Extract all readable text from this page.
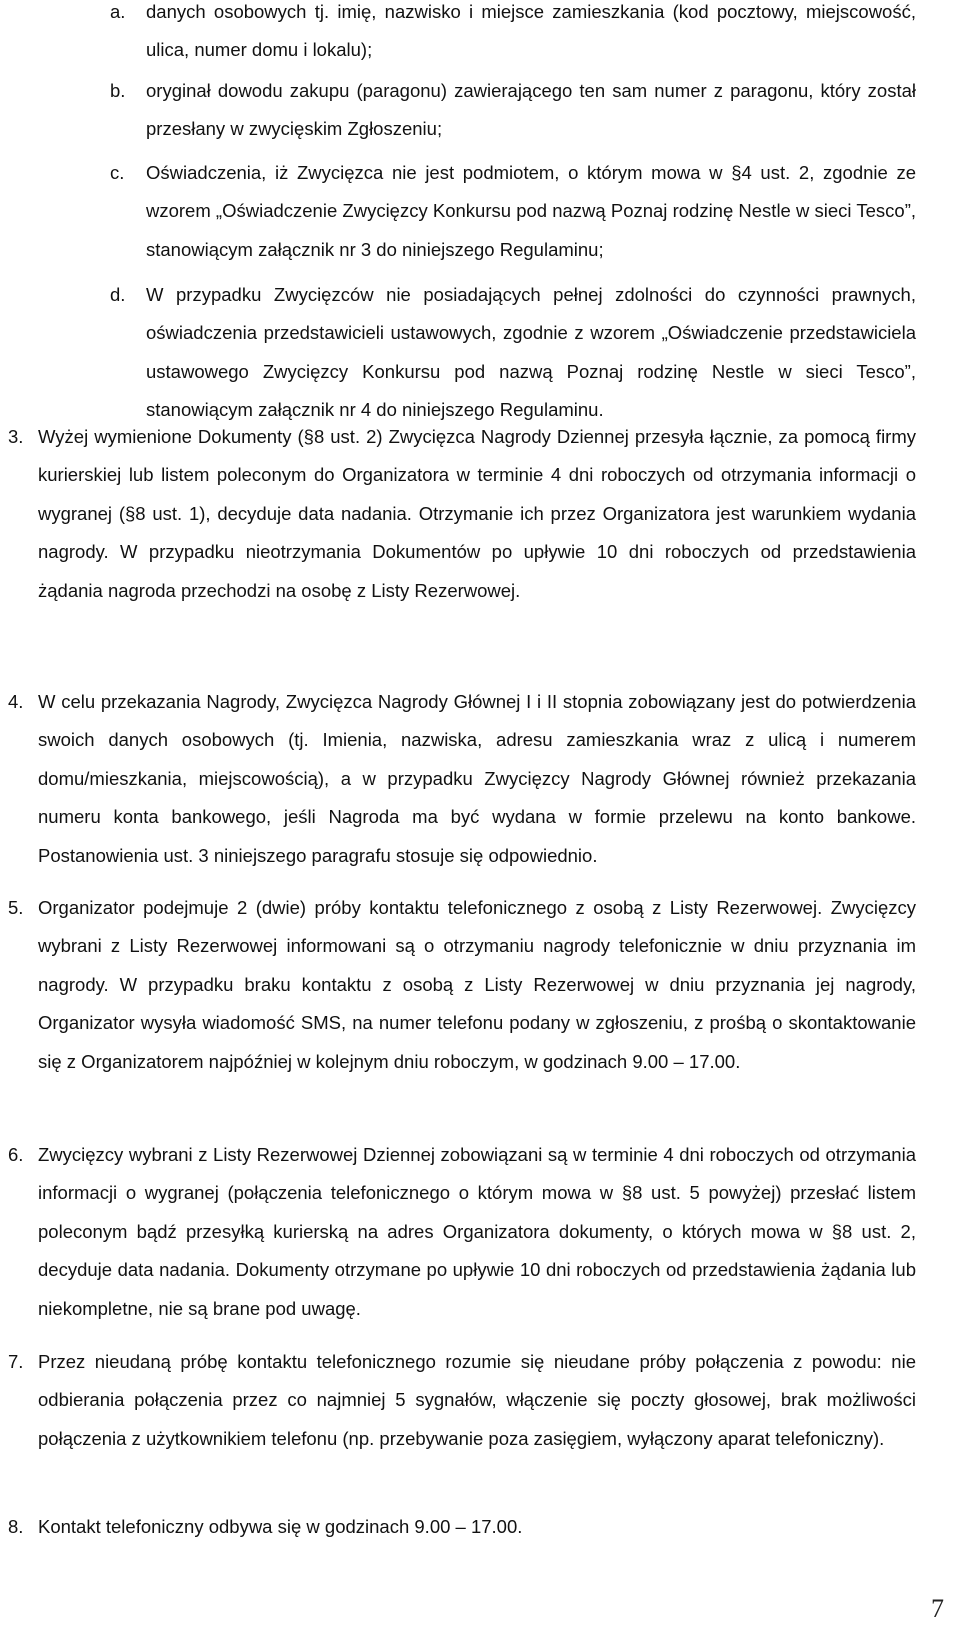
a. danych osobowych tj. imię, nazwisko i miejsce zamieszkania (kod pocztowy, miejscowość, ulica, numer domu i lokalu);
b. oryginał dowodu zakupu (paragonu) zawierającego ten sam numer z paragonu, który został przesłany w zwycięskim Zgłoszeniu;
c. Oświadczenia, iż Zwycięzca nie jest podmiotem, o którym mowa w §4 ust. 2, zgodnie ze wzorem „Oświadczenie Zwycięzcy Konkursu pod nazwą Poznaj rodzinę Nestle w sieci Tesco”, stanowiącym załącznik nr 3 do niniejszego Regulaminu;
d. W przypadku Zwycięzców nie posiadających pełnej zdolności do czynności prawnych, oświadczenia przedstawicieli ustawowych, zgodnie z wzorem „Oświadczenie przedstawiciela ustawowego Zwycięzcy Konkursu pod nazwą Poznaj rodzinę Nestle w sieci Tesco”, stanowiącym załącznik nr 4 do niniejszego Regulaminu.
3. Wyżej wymienione Dokumenty (§8 ust. 2) Zwycięzca Nagrody Dziennej przesyła łącznie, za pomocą firmy kurierskiej lub listem poleconym do Organizatora w terminie 4 dni roboczych od otrzymania informacji o wygranej (§8 ust. 1), decyduje data nadania. Otrzymanie ich przez Organizatora jest warunkiem wydania nagrody. W przypadku nieotrzymania Dokumentów po upływie 10 dni roboczych od przedstawienia żądania nagroda przechodzi na osobę z Listy Rezerwowej.
4. W celu przekazania Nagrody, Zwycięzca Nagrody Głównej I i II stopnia zobowiązany jest do potwierdzenia swoich danych osobowych (tj. Imienia, nazwiska, adresu zamieszkania wraz z ulicą i numerem domu/mieszkania, miejscowością), a w przypadku Zwycięzcy Nagrody Głównej również przekazania numeru konta bankowego, jeśli Nagroda ma być wydana w formie przelewu na konto bankowe. Postanowienia ust. 3 niniejszego paragrafu stosuje się odpowiednio.
5. Organizator podejmuje 2 (dwie) próby kontaktu telefonicznego z osobą z Listy Rezerwowej. Zwycięzcy wybrani z Listy Rezerwowej informowani są o otrzymaniu nagrody telefonicznie w dniu przyznania im nagrody. W przypadku braku kontaktu z osobą z Listy Rezerwowej w dniu przyznania jej nagrody, Organizator wysyła wiadomość SMS, na numer telefonu podany w zgłoszeniu, z prośbą o skontaktowanie się z Organizatorem najpóźniej w kolejnym dniu roboczym, w godzinach 9.00 – 17.00.
6. Zwycięzcy wybrani z Listy Rezerwowej Dziennej zobowiązani są w terminie 4 dni roboczych od otrzymania informacji o wygranej (połączenia telefonicznego o którym mowa w §8 ust. 5 powyżej) przesłać listem poleconym bądź przesyłką kurierską na adres Organizatora dokumenty, o których mowa w §8 ust. 2, decyduje data nadania. Dokumenty otrzymane po upływie 10 dni roboczych od przedstawienia żądania lub niekompletne, nie są brane pod uwagę.
7. Przez nieudaną próbę kontaktu telefonicznego rozumie się nieudane próby połączenia z powodu: nie odbierania połączenia przez co najmniej 5 sygnałów, włączenie się poczty głosowej, brak możliwości połączenia z użytkownikiem telefonu (np. przebywanie poza zasięgiem, wyłączony aparat telefoniczny).
8. Kontakt telefoniczny odbywa się w godzinach 9.00 – 17.00.
7
